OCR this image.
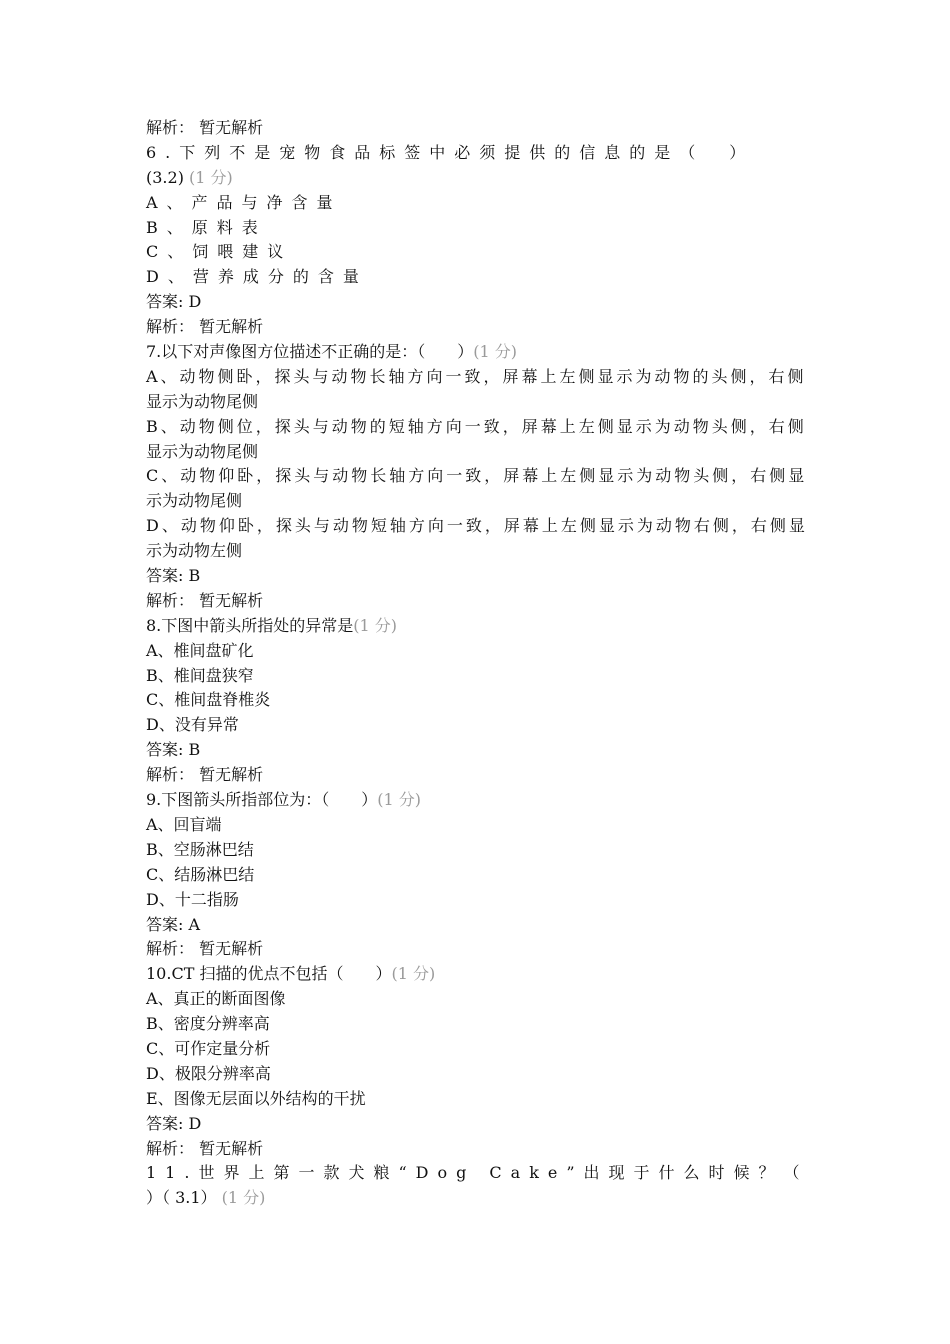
解析： 暂无解析
6.下列不是宠物食品标签中必须提供的信息的是（　）
(3.2) (1 分)
A、产品与净含量
B、原料表
C、饲喂建议
D、营养成分的含量
答案: D
解析： 暂无解析
7.以下对声像图方位描述不正确的是：（　　）(1 分)
A、动物侧卧，探头与动物长轴方向一致，屏幕上左侧显示为动物的头侧，右侧
显示为动物尾侧
B、动物侧位，探头与动物的短轴方向一致，屏幕上左侧显示为动物头侧，右侧
显示为动物尾侧
C、动物仰卧，探头与动物长轴方向一致，屏幕上左侧显示为动物头侧，右侧显
示为动物尾侧
D、动物仰卧，探头与动物短轴方向一致，屏幕上左侧显示为动物右侧，右侧显
示为动物左侧
答案: B
解析： 暂无解析
8.下图中箭头所指处的异常是(1 分)
A、椎间盘矿化
B、椎间盘狭窄
C、椎间盘脊椎炎
D、没有异常
答案: B
解析： 暂无解析
9.下图箭头所指部位为：（　　）(1 分)
A、回盲端
B、空肠淋巴结
C、结肠淋巴结
D、十二指肠
答案: A
解析： 暂无解析
10.CT 扫描的优点不包括（　　）(1 分)
A、真正的断面图像
B、密度分辨率高
C、可作定量分析
D、极限分辨率高
E、图像无层面以外结构的干扰
答案: D
解析： 暂无解析
11.世界上第一款犬粮“Dog Cake”出现于什么时候？（
）（ 3.1） (1 分)
